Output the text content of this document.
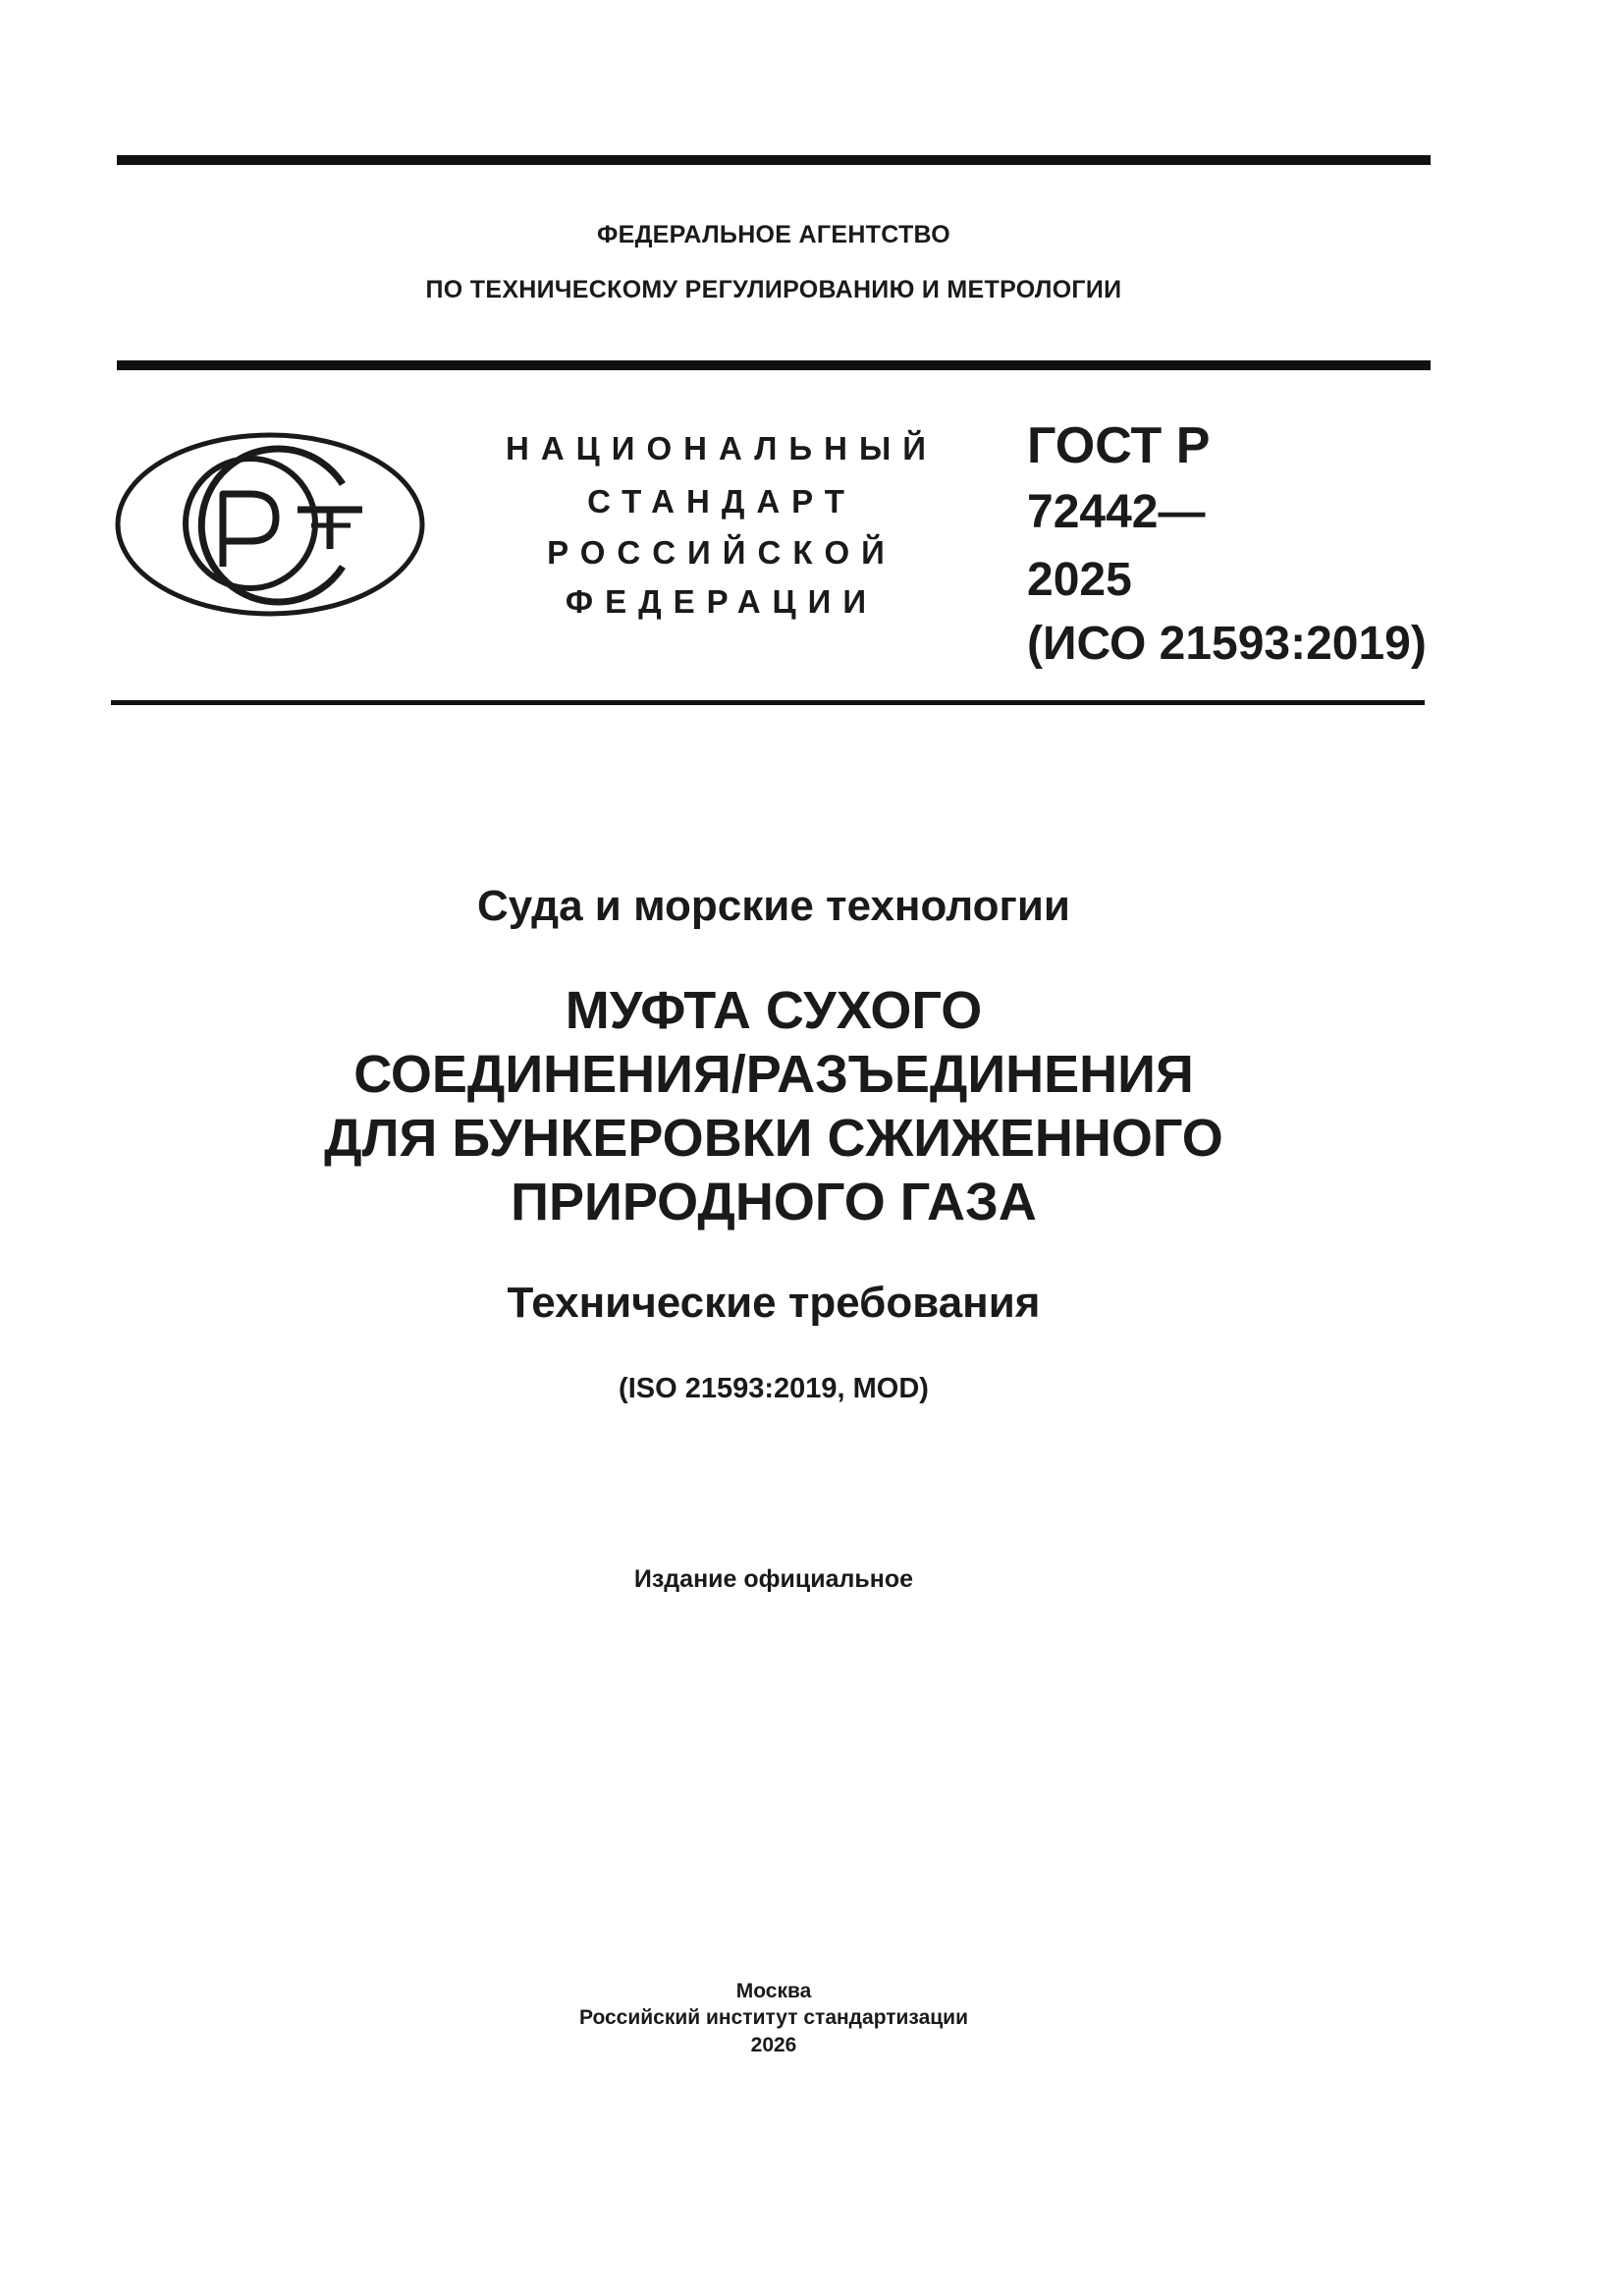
ФЕДЕРАЛЬНОЕ АГЕНТСТВО
ПО ТЕХНИЧЕСКОМУ РЕГУЛИРОВАНИЮ И МЕТРОЛОГИИ
НАЦИОНАЛЬНЫЙ
СТАНДАРТ
РОССИЙСКОЙ
ФЕДЕРАЦИИ
ГОСТ Р
72442—
2025
(ИСО 21593:2019)
Суда и морские технологии
МУФТА СУХОГО
СОЕДИНЕНИЯ/РАЗЪЕДИНЕНИЯ
ДЛЯ БУНКЕРОВКИ СЖИЖЕННОГО
ПРИРОДНОГО ГАЗА
Технические требования
(ISO 21593:2019, MOD)
Издание официальное
Москва
Российский институт стандартизации
2026
